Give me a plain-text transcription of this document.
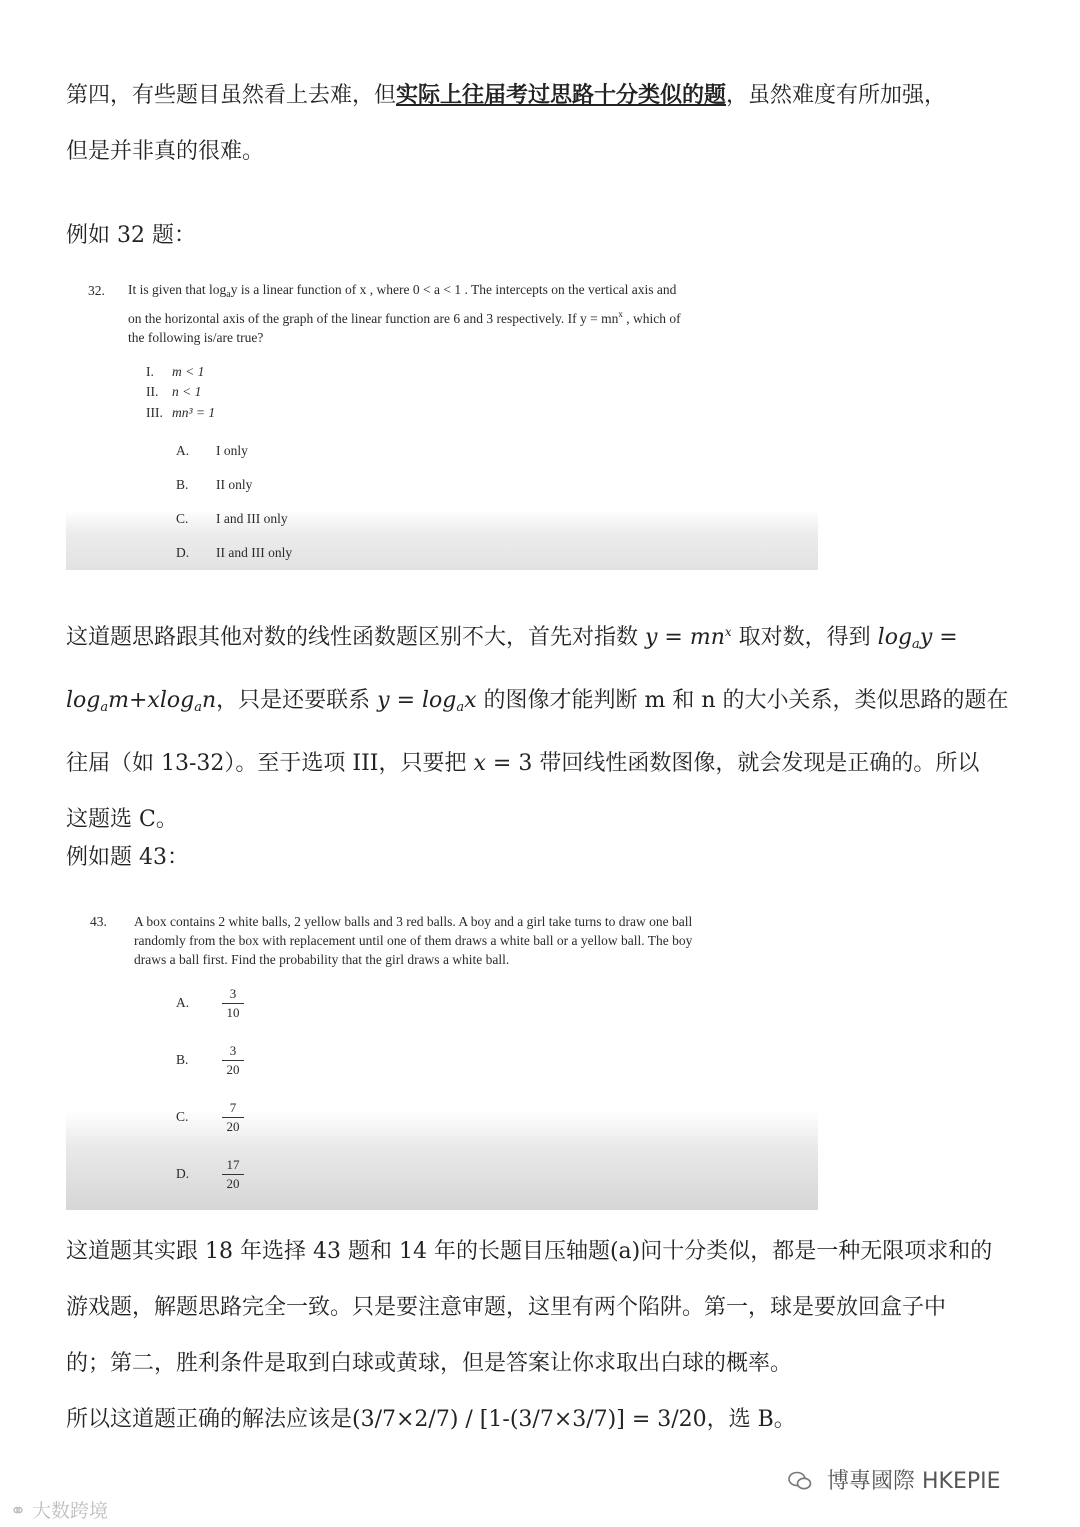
第四，有些题目虽然看上去难，但实际上往届考过思路十分类似的题，虽然难度有所加强，
但是并非真的很难。
例如 32 题：
32. It is given that $\log_ay$ is a linear function of x , where 0 < a < 1 . The intercepts on the vertical axis and
on the horizontal axis of the graph of the linear function are 6 and 3 respectively. If $y = mn^x$ , which of
the following is/are true?
I. m < 1
II. n < 1
III. mn³ = 1
A. I only
B. II only
C. I and III only
D. II and III only
这道题思路跟其他对数的线性函数题区别不大，首先对指数 $y = mn^x$ 取对数，得到 $\log_ay$ =
$\log_am+xlog_an$，只是还要联系 $y = \log_ax$ 的图像才能判断 m 和 n 的大小关系，类似思路的题在
往届（如 13-32）。至于选项 III，只要把 x = 3 带回线性函数图像，就会发现是正确的。所以
这题选 C。
例如题 43：
43. A box contains 2 white balls, 2 yellow balls and 3 red balls. A boy and a girl take turns to draw one ball
randomly from the box with replacement until one of them draws a white ball or a yellow ball. The boy
draws a ball first. Find the probability that the girl draws a white ball.
A.	$\frac{3}{10}$
B.	$\frac{3}{20}$
C.	$\frac{7}{20}$
D.	$\frac{17}{20}$
这道题其实跟 18 年选择 43 题和 14 年的长题目压轴题(a)问十分类似，都是一种无限项求和的
游戏题，解题思路完全一致。只是要注意审题，这里有两个陷阱。第一，球是要放回盒子中
的；第二，胜利条件是取到白球或黄球，但是答案让你求取出白球的概率。
所以这道题正确的解法应该是(3/7×2/7) / [1-(3/7×3/7)] = 3/20，选 B。
⚭ 大数跨境
博專國際 HKEPIE
